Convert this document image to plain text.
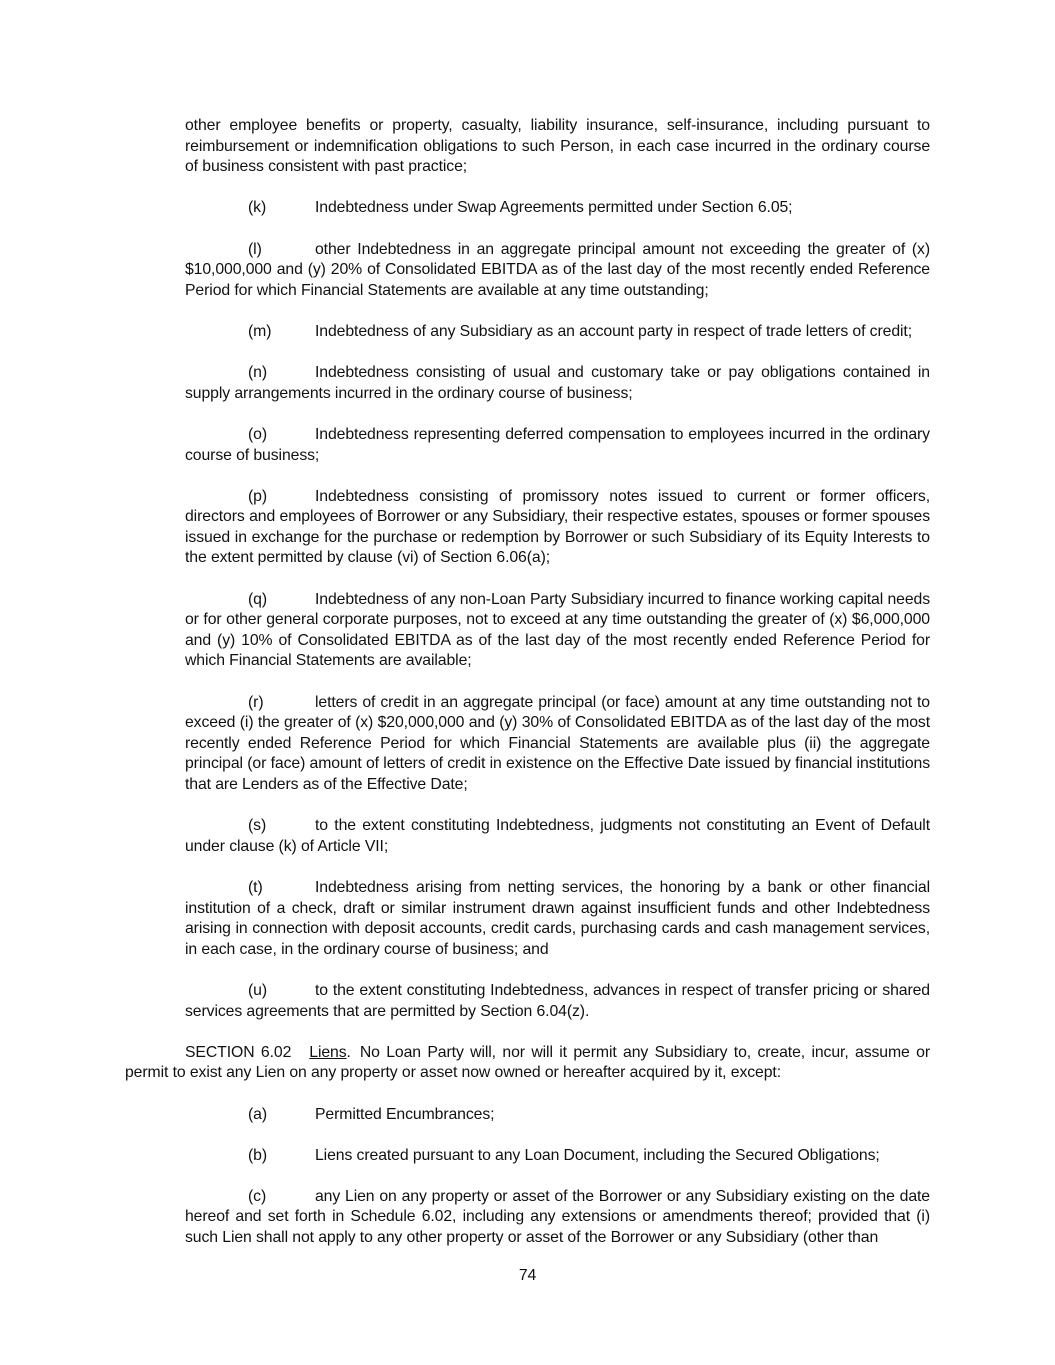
other employee benefits or property, casualty, liability insurance, self-insurance, including pursuant to reimbursement or indemnification obligations to such Person, in each case incurred in the ordinary course of business consistent with past practice;

(k)	Indebtedness under Swap Agreements permitted under Section 6.05;

(l)	other Indebtedness in an aggregate principal amount not exceeding the greater of (x) $10,000,000 and (y) 20% of Consolidated EBITDA as of the last day of the most recently ended Reference Period for which Financial Statements are available at any time outstanding;

(m)	Indebtedness of any Subsidiary as an account party in respect of trade letters of credit;

(n)	Indebtedness consisting of usual and customary take or pay obligations contained in supply arrangements incurred in the ordinary course of business;

(o)	Indebtedness representing deferred compensation to employees incurred in the ordinary course of business;

(p)	Indebtedness consisting of promissory notes issued to current or former officers, directors and employees of Borrower or any Subsidiary, their respective estates, spouses or former spouses issued in exchange for the purchase or redemption by Borrower or such Subsidiary of its Equity Interests to the extent permitted by clause (vi) of Section 6.06(a);

(q)	Indebtedness of any non-Loan Party Subsidiary incurred to finance working capital needs or for other general corporate purposes, not to exceed at any time outstanding the greater of (x) $6,000,000 and (y) 10% of Consolidated EBITDA as of the last day of the most recently ended Reference Period for which Financial Statements are available;

(r)	letters of credit in an aggregate principal (or face) amount at any time outstanding not to exceed (i) the greater of (x) $20,000,000 and (y) 30% of Consolidated EBITDA as of the last day of the most recently ended Reference Period for which Financial Statements are available plus (ii) the aggregate principal (or face) amount of letters of credit in existence on the Effective Date issued by financial institutions that are Lenders as of the Effective Date;

(s)	to the extent constituting Indebtedness, judgments not constituting an Event of Default under clause (k) of Article VII;

(t)	Indebtedness arising from netting services, the honoring by a bank or other financial institution of a check, draft or similar instrument drawn against insufficient funds and other Indebtedness arising in connection with deposit accounts, credit cards, purchasing cards and cash management services, in each case, in the ordinary course of business; and

(u)	to the extent constituting Indebtedness, advances in respect of transfer pricing or shared services agreements that are permitted by Section 6.04(z).

SECTION 6.02 Liens. No Loan Party will, nor will it permit any Subsidiary to, create, incur, assume or permit to exist any Lien on any property or asset now owned or hereafter acquired by it, except:

(a)	Permitted Encumbrances;

(b)	Liens created pursuant to any Loan Document, including the Secured Obligations;

(c)	any Lien on any property or asset of the Borrower or any Subsidiary existing on the date hereof and set forth in Schedule 6.02, including any extensions or amendments thereof; provided that (i) such Lien shall not apply to any other property or asset of the Borrower or any Subsidiary (other than

74
